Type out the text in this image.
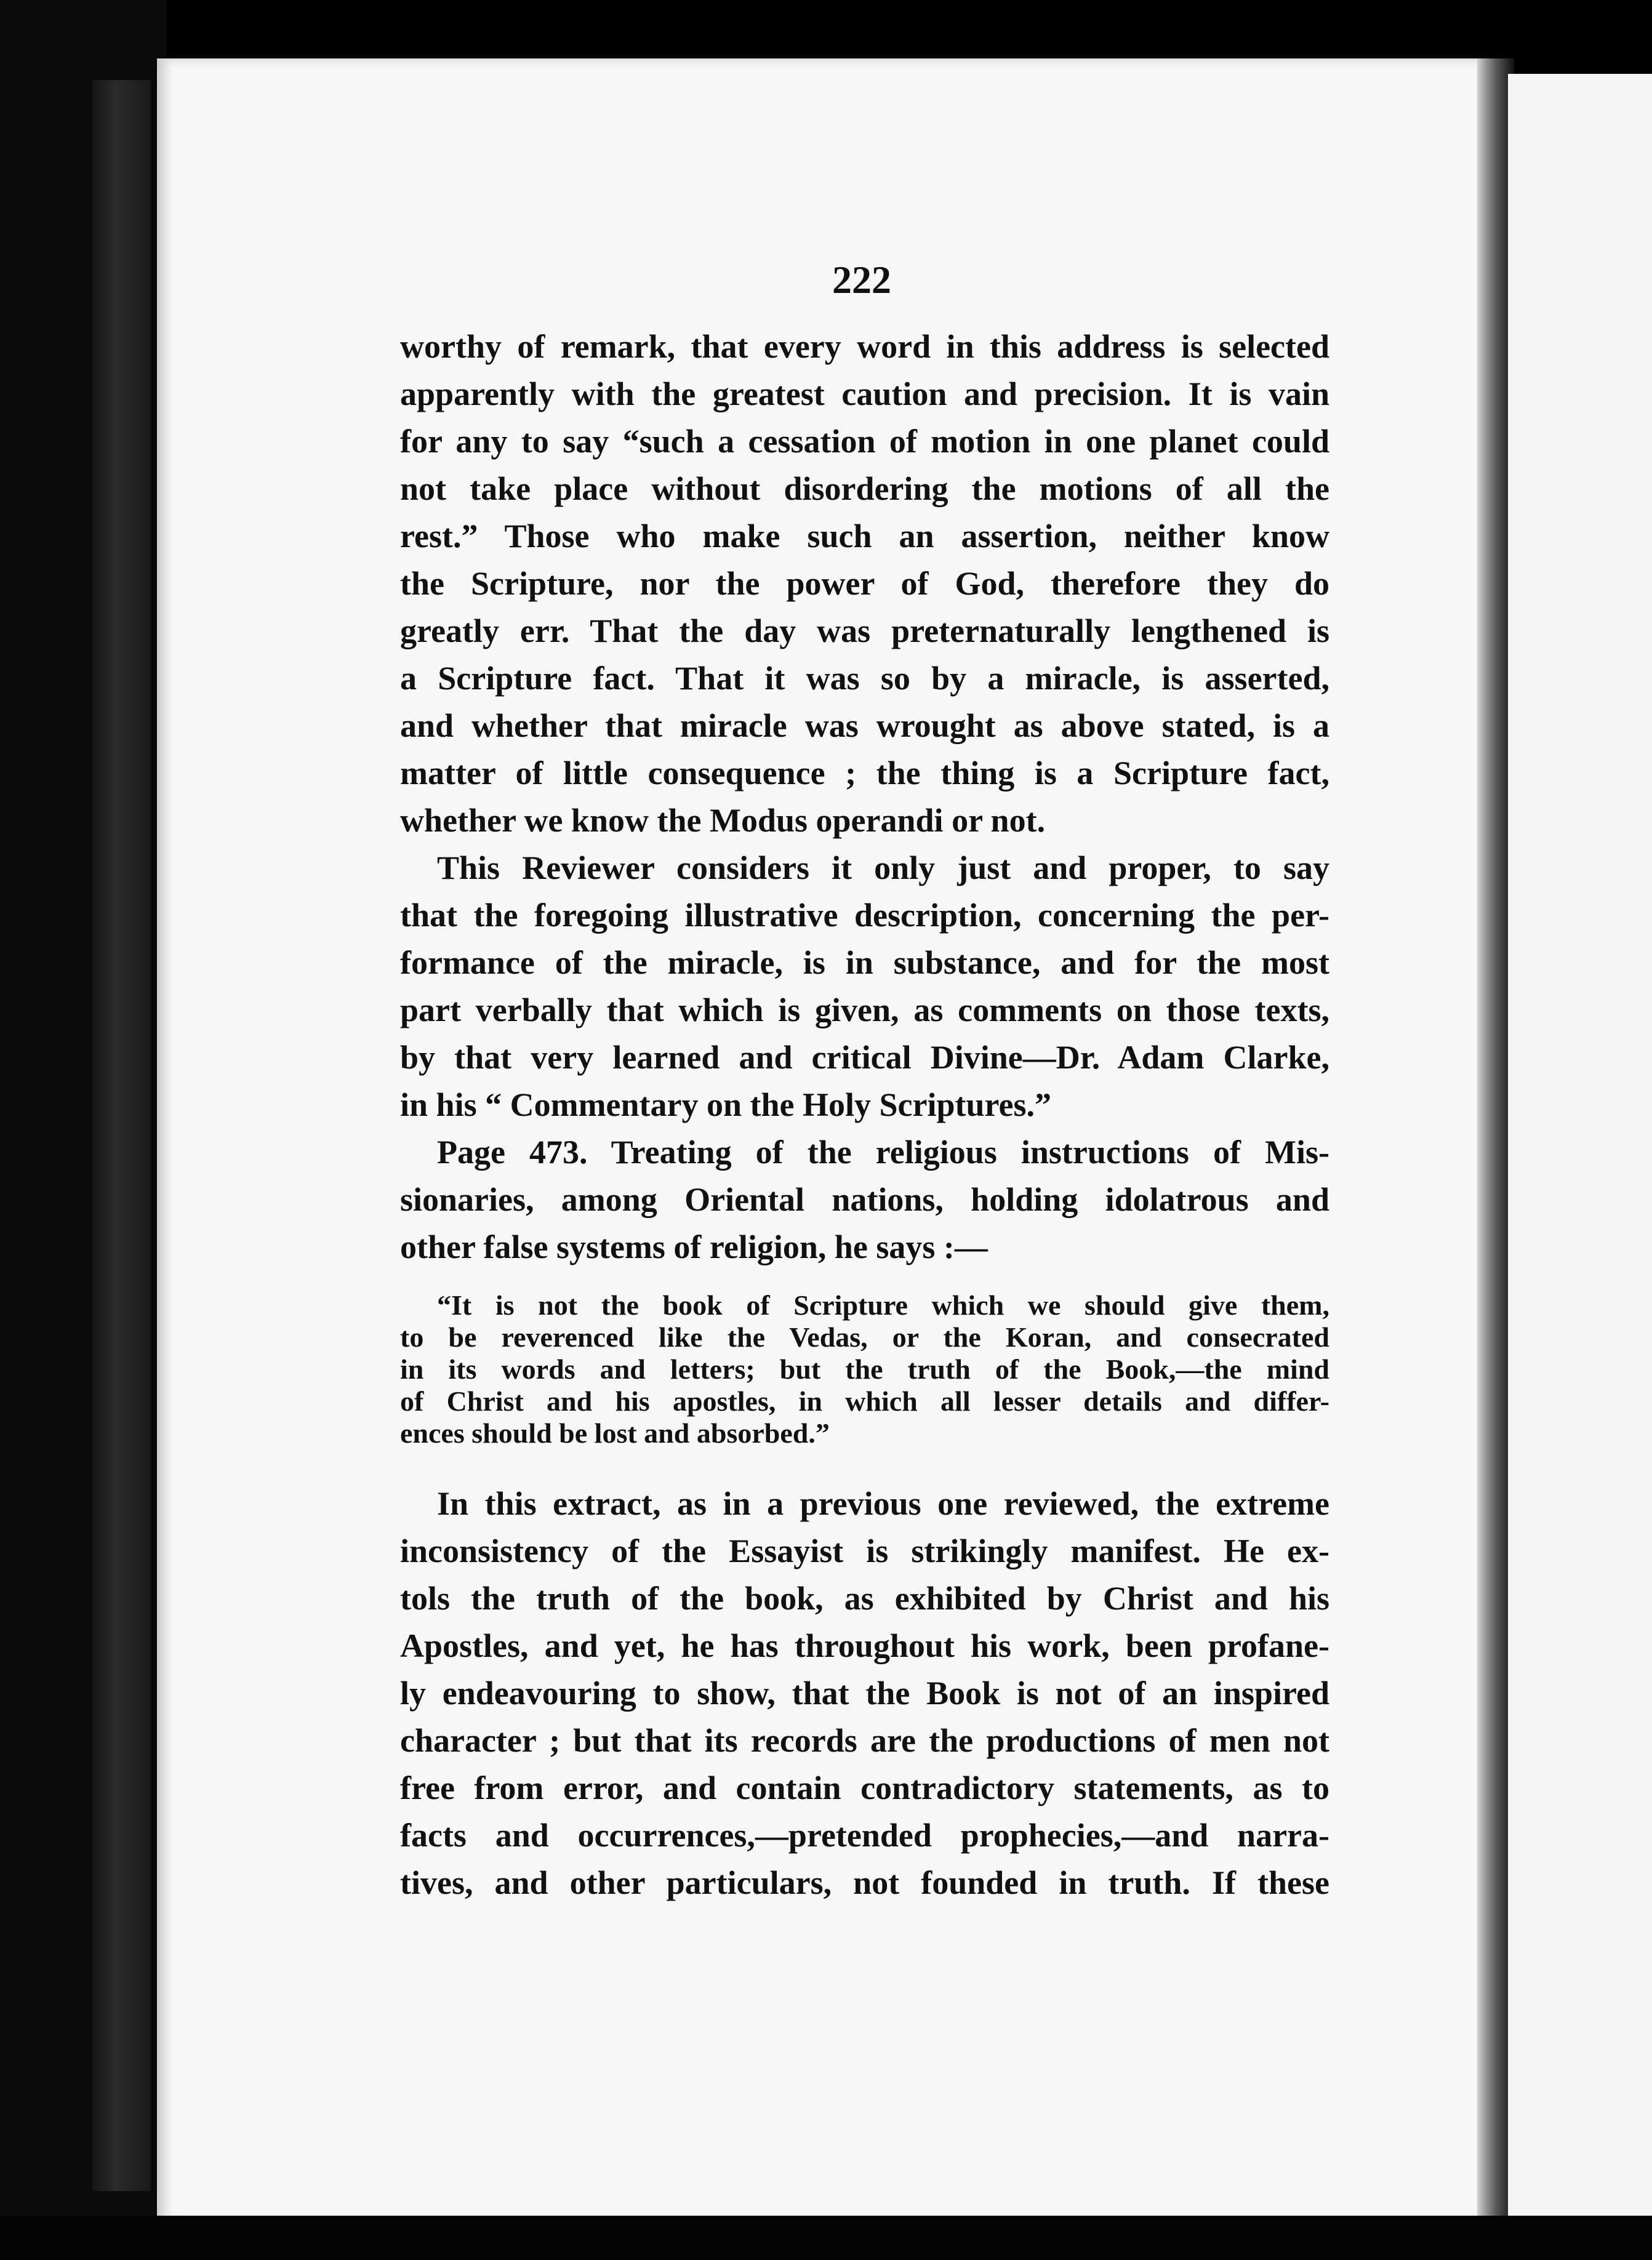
222
worthy of remark, that every word in this address is selected
apparently with the greatest caution and precision. It is vain
for any to say “such a cessation of motion in one planet could
not take place without disordering the motions of all the
rest.” Those who make such an assertion, neither know
the Scripture, nor the power of God, therefore they do
greatly err. That the day was preternaturally lengthened is
a Scripture fact. That it was so by a miracle, is asserted,
and whether that miracle was wrought as above stated, is a
matter of little consequence ; the thing is a Scripture fact,
whether we know the Modus operandi or not.
This Reviewer considers it only just and proper, to say
that the foregoing illustrative description, concerning the per-
formance of the miracle, is in substance, and for the most
part verbally that which is given, as comments on those texts,
by that very learned and critical Divine—Dr. Adam Clarke,
in his “ Commentary on the Holy Scriptures.”
Page 473. Treating of the religious instructions of Mis-
sionaries, among Oriental nations, holding idolatrous and
other false systems of religion, he says :—
“It is not the book of Scripture which we should give them,
to be reverenced like the Vedas, or the Koran, and consecrated
in its words and letters; but the truth of the Book,—the mind
of Christ and his apostles, in which all lesser details and differ-
ences should be lost and absorbed.”
In this extract, as in a previous one reviewed, the extreme
inconsistency of the Essayist is strikingly manifest. He ex-
tols the truth of the book, as exhibited by Christ and his
Apostles, and yet, he has throughout his work, been profane-
ly endeavouring to show, that the Book is not of an inspired
character ; but that its records are the productions of men not
free from error, and contain contradictory statements, as to
facts and occurrences,—pretended prophecies,—and narra-
tives, and other particulars, not founded in truth. If these
